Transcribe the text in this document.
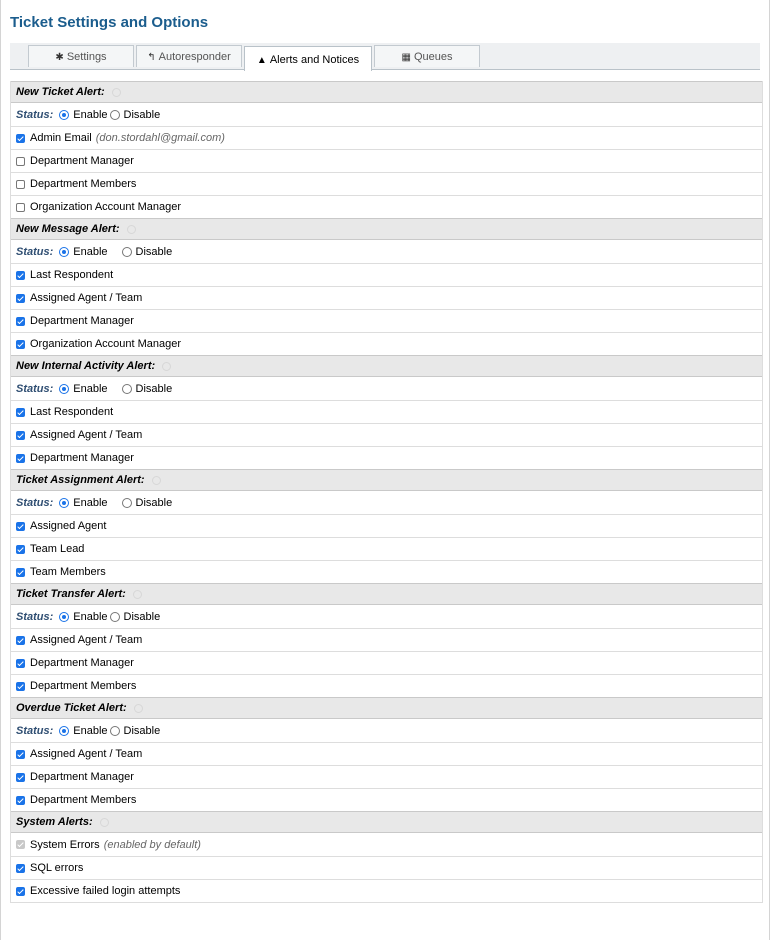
Ticket Settings and Options
✱ Settings	↰ Autoresponder	▲ Alerts and Notices	▦ Queues
New Ticket Alert:
Status: Enable Disable
Admin Email (don.stordahl@gmail.com)
Department Manager
Department Members
Organization Account Manager
New Message Alert:
Status: Enable	Disable
Last Respondent
Assigned Agent / Team
Department Manager
Organization Account Manager
New Internal Activity Alert:
Status: Enable	Disable
Last Respondent
Assigned Agent / Team
Department Manager
Ticket Assignment Alert:
Status: Enable	Disable
Assigned Agent
Team Lead
Team Members
Ticket Transfer Alert:
Status: Enable Disable
Assigned Agent / Team
Department Manager
Department Members
Overdue Ticket Alert:
Status: Enable Disable
Assigned Agent / Team
Department Manager
Department Members
System Alerts:
System Errors (enabled by default)
SQL errors
Excessive failed login attempts
